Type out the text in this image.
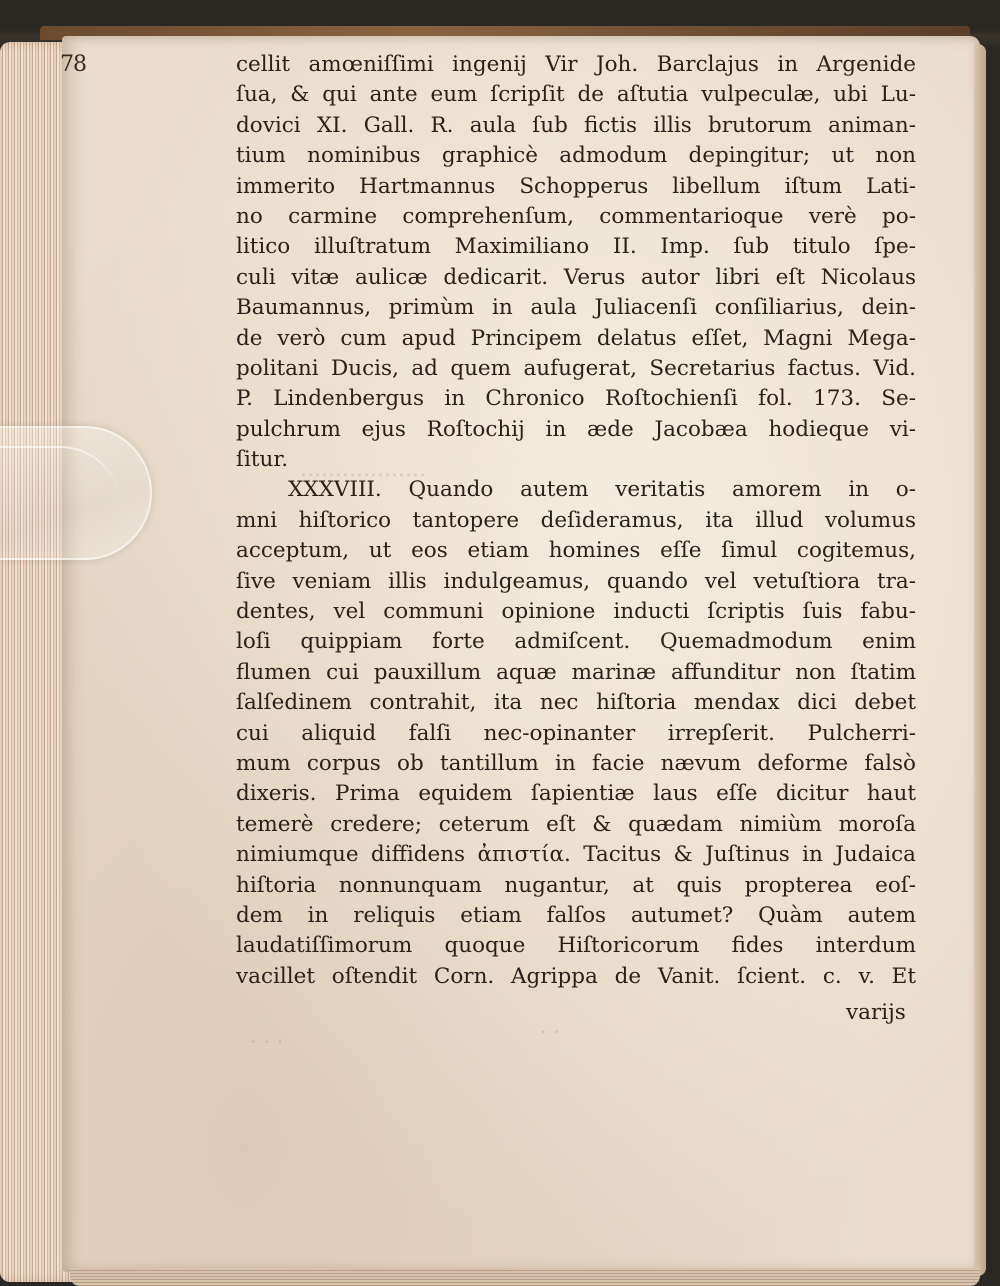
78	cellit amœniſſimi ingenij Vir Joh. Barclajus in Argenide
ſua, & qui ante eum ſcripſit de aſtutia vulpeculæ, ubi Lu-
dovici XI. Gall. R. aula ſub fictis illis brutorum animan-
tium nominibus graphicè admodum depingitur; ut non
immerito Hartmannus Schopperus libellum iſtum Lati-
no carmine comprehenſum, commentarioque verè po-
litico illuſtratum Maximiliano II. Imp. ſub titulo ſpe-
culi vitæ aulicæ dedicarit. Verus autor libri eſt Nicolaus
Baumannus, primùm in aula Juliacenſi conſiliarius, dein-
de verò cum apud Principem delatus eſſet, Magni Mega-
politani Ducis, ad quem aufugerat, Secretarius factus. Vid.
P. Lindenbergus in Chronico Roſtochienſi fol. 173. Se-
pulchrum ejus Roſtochij in æde Jacobæa hodieque vi-
ſitur.
XXXVIII. Quando autem veritatis amorem in o-
mni hiſtorico tantopere deſideramus, ita illud volumus
acceptum, ut eos etiam homines eſſe ſimul cogitemus,
ſive veniam illis indulgeamus, quando vel vetuſtiora tra-
dentes, vel communi opinione inducti ſcriptis ſuis fabu-
loſi quippiam forte admiſcent. Quemadmodum enim
flumen cui pauxillum aquæ marinæ affunditur non ſtatim
ſalſedinem contrahit, ita nec hiſtoria mendax dici debet
cui aliquid falſi nec-opinanter irrepſerit. Pulcherri-
mum corpus ob tantillum in facie nævum deforme falsò
dixeris. Prima equidem ſapientiæ laus eſſe dicitur haut
temerè credere; ceterum eſt & quædam nimiùm moroſa
nimiumque diffidens ἀπιστία. Tacitus & Juſtinus in Judaica
hiſtoria nonnunquam nugantur, at quis propterea eoſ-
dem in reliquis etiam falſos autumet? Quàm autem
laudatiſſimorum quoque Hiſtoricorum fides interdum
vacillet oſtendit Corn. Agrippa de Vanit. ſcient. c. v. Et
varijs
